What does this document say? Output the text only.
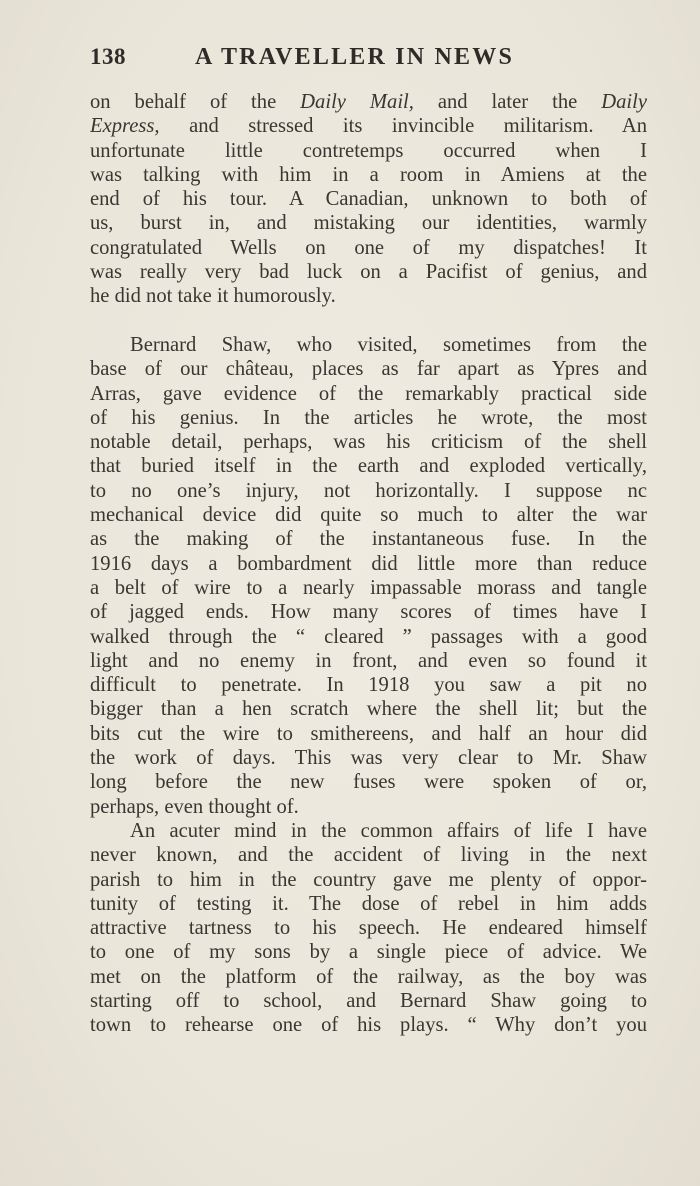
138	A TRAVELLER IN NEWS
on behalf of the Daily Mail, and later the Daily
Express, and stressed its invincible militarism. An
unfortunate little contretemps occurred when I
was talking with him in a room in Amiens at the
end of his tour. A Canadian, unknown to both of
us, burst in, and mistaking our identities, warmly
congratulated Wells on one of my dispatches! It
was really very bad luck on a Pacifist of genius, and
he did not take it humorously.
Bernard Shaw, who visited, sometimes from the
base of our château, places as far apart as Ypres and
Arras, gave evidence of the remarkably practical side
of his genius. In the articles he wrote, the most
notable detail, perhaps, was his criticism of the shell
that buried itself in the earth and exploded vertically,
to no one’s injury, not horizontally. I suppose nc
mechanical device did quite so much to alter the war
as the making of the instantaneous fuse. In the
1916 days a bombardment did little more than reduce
a belt of wire to a nearly impassable morass and tangle
of jagged ends. How many scores of times have I
walked through the “ cleared ” passages with a good
light and no enemy in front, and even so found it
difficult to penetrate. In 1918 you saw a pit no
bigger than a hen scratch where the shell lit; but the
bits cut the wire to smithereens, and half an hour did
the work of days. This was very clear to Mr. Shaw
long before the new fuses were spoken of or,
perhaps, even thought of.
An acuter mind in the common affairs of life I have
never known, and the accident of living in the next
parish to him in the country gave me plenty of oppor-
tunity of testing it. The dose of rebel in him adds
attractive tartness to his speech. He endeared himself
to one of my sons by a single piece of advice. We
met on the platform of the railway, as the boy was
starting off to school, and Bernard Shaw going to
town to rehearse one of his plays. “ Why don’t you
